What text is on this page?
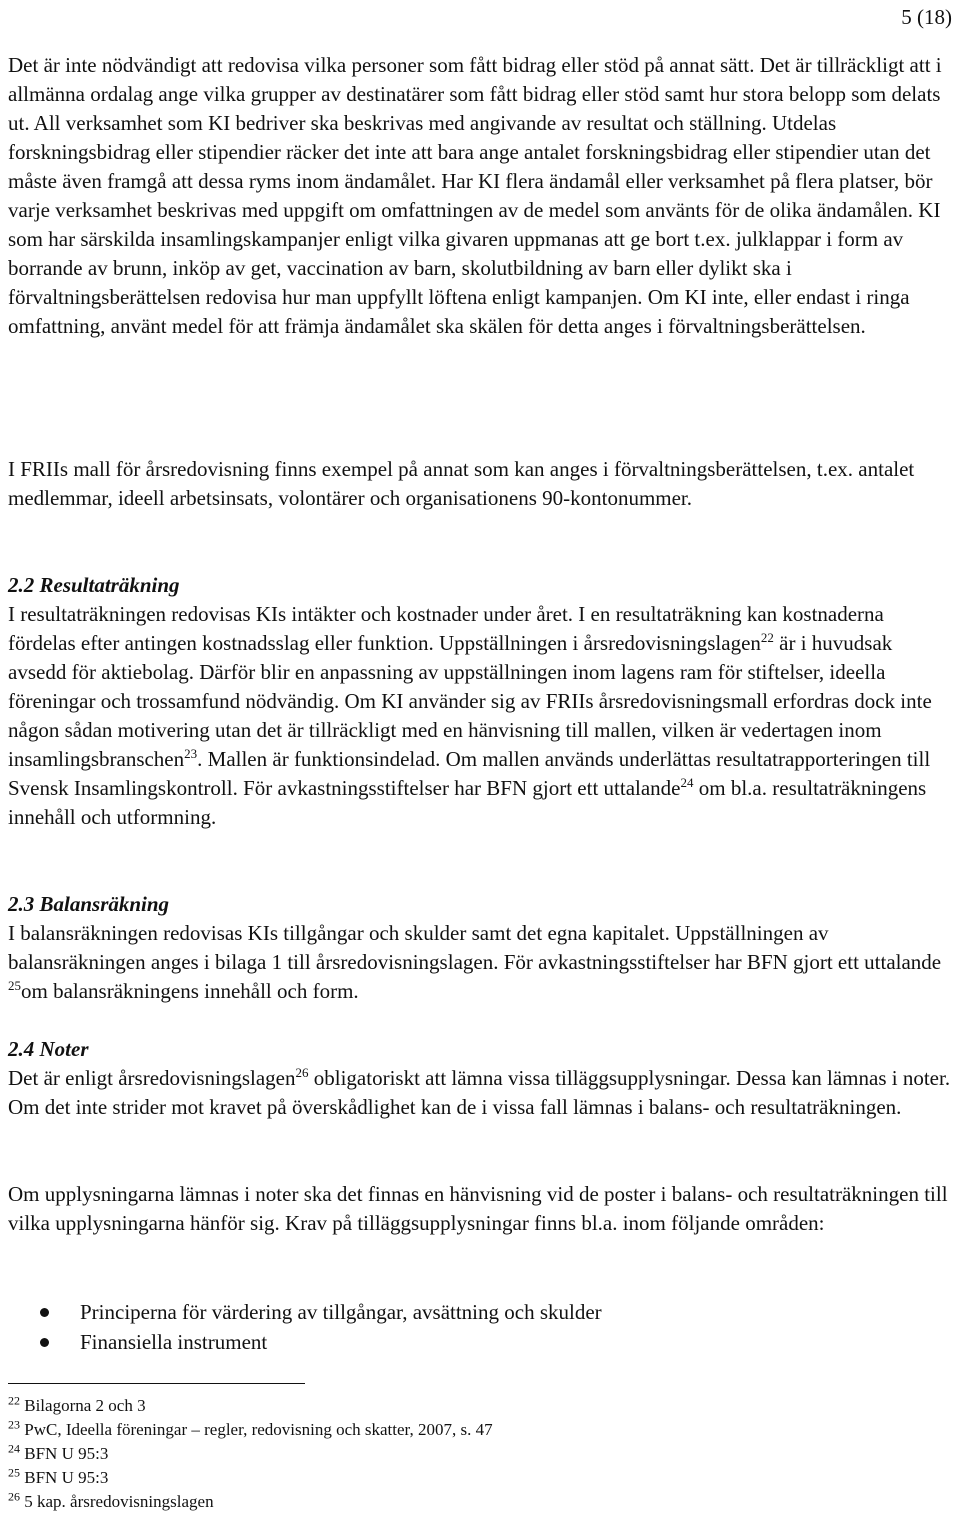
5 (18)

Det är inte nödvändigt att redovisa vilka personer som fått bidrag eller stöd på annat sätt. Det är tillräckligt att i allmänna ordalag ange vilka grupper av destinatärer som fått bidrag eller stöd samt hur stora belopp som delats ut. All verksamhet som KI bedriver ska beskrivas med angivande av resultat och ställning. Utdelas forskningsbidrag eller stipendier räcker det inte att bara ange antalet forskningsbidrag eller stipendier utan det måste även framgå att dessa ryms inom ändamålet. Har KI flera ändamål eller verksamhet på flera platser, bör varje verksamhet beskrivas med uppgift om omfattningen av de medel som använts för de olika ändamålen. KI som har särskilda insamlingskampanjer enligt vilka givaren uppmanas att ge bort t.ex. julklappar i form av borrande av brunn, inköp av get, vaccination av barn, skolutbildning av barn eller dylikt ska i förvaltningsberättelsen redovisa hur man uppfyllt löftena enligt kampanjen. Om KI inte, eller endast i ringa omfattning, använt medel för att främja ändamålet ska skälen för detta anges i förvaltningsberättelsen.

I FRIIs mall för årsredovisning finns exempel på annat som kan anges i förvaltningsberättelsen, t.ex. antalet medlemmar, ideell arbetsinsats, volontärer och organisationens 90-kontonummer.

2.2 Resultaträkning

I resultaträkningen redovisas KIs intäkter och kostnader under året. I en resultaträkning kan kostnaderna fördelas efter antingen kostnadsslag eller funktion. Uppställningen i årsredovisningslagen$^{22}$ är i huvudsak avsedd för aktiebolag. Därför blir en anpassning av uppställningen inom lagens ram för stiftelser, ideella föreningar och trossamfund nödvändig. Om KI använder sig av FRIIs årsredovisningsmall erfordras dock inte någon sådan motivering utan det är tillräckligt med en hänvisning till mallen, vilken är vedertagen inom insamlingsbranschen$^{23}$. Mallen är funktionsindelad. Om mallen används underlättas resultatrapporteringen till Svensk Insamlingskontroll. För avkastningsstiftelser har BFN gjort ett uttalande$^{24}$ om bl.a. resultaträkningens innehåll och utformning.

2.3 Balansräkning

I balansräkningen redovisas KIs tillgångar och skulder samt det egna kapitalet. Uppställningen av balansräkningen anges i bilaga 1 till årsredovisningslagen. För avkastningsstiftelser har BFN gjort ett uttalande $^{25}$om balansräkningens innehåll och form.

2.4 Noter

Det är enligt årsredovisningslagen$^{26}$ obligatoriskt att lämna vissa tilläggsupplysningar. Dessa kan lämnas i noter. Om det inte strider mot kravet på överskådlighet kan de i vissa fall lämnas i balans- och resultaträkningen.

Om upplysningarna lämnas i noter ska det finnas en hänvisning vid de poster i balans- och resultaträkningen till vilka upplysningarna hänför sig. Krav på tilläggsupplysningar finns bl.a. inom följande områden:

Principerna för värdering av tillgångar, avsättning och skulder
Finansiella instrument

$^{22}$ Bilagorna 2 och 3

$^{23}$ PwC, Ideella föreningar – regler, redovisning och skatter, 2007, s. 47

$^{24}$ BFN U 95:3

$^{25}$ BFN U 95:3

$^{26}$ 5 kap. årsredovisningslagen
